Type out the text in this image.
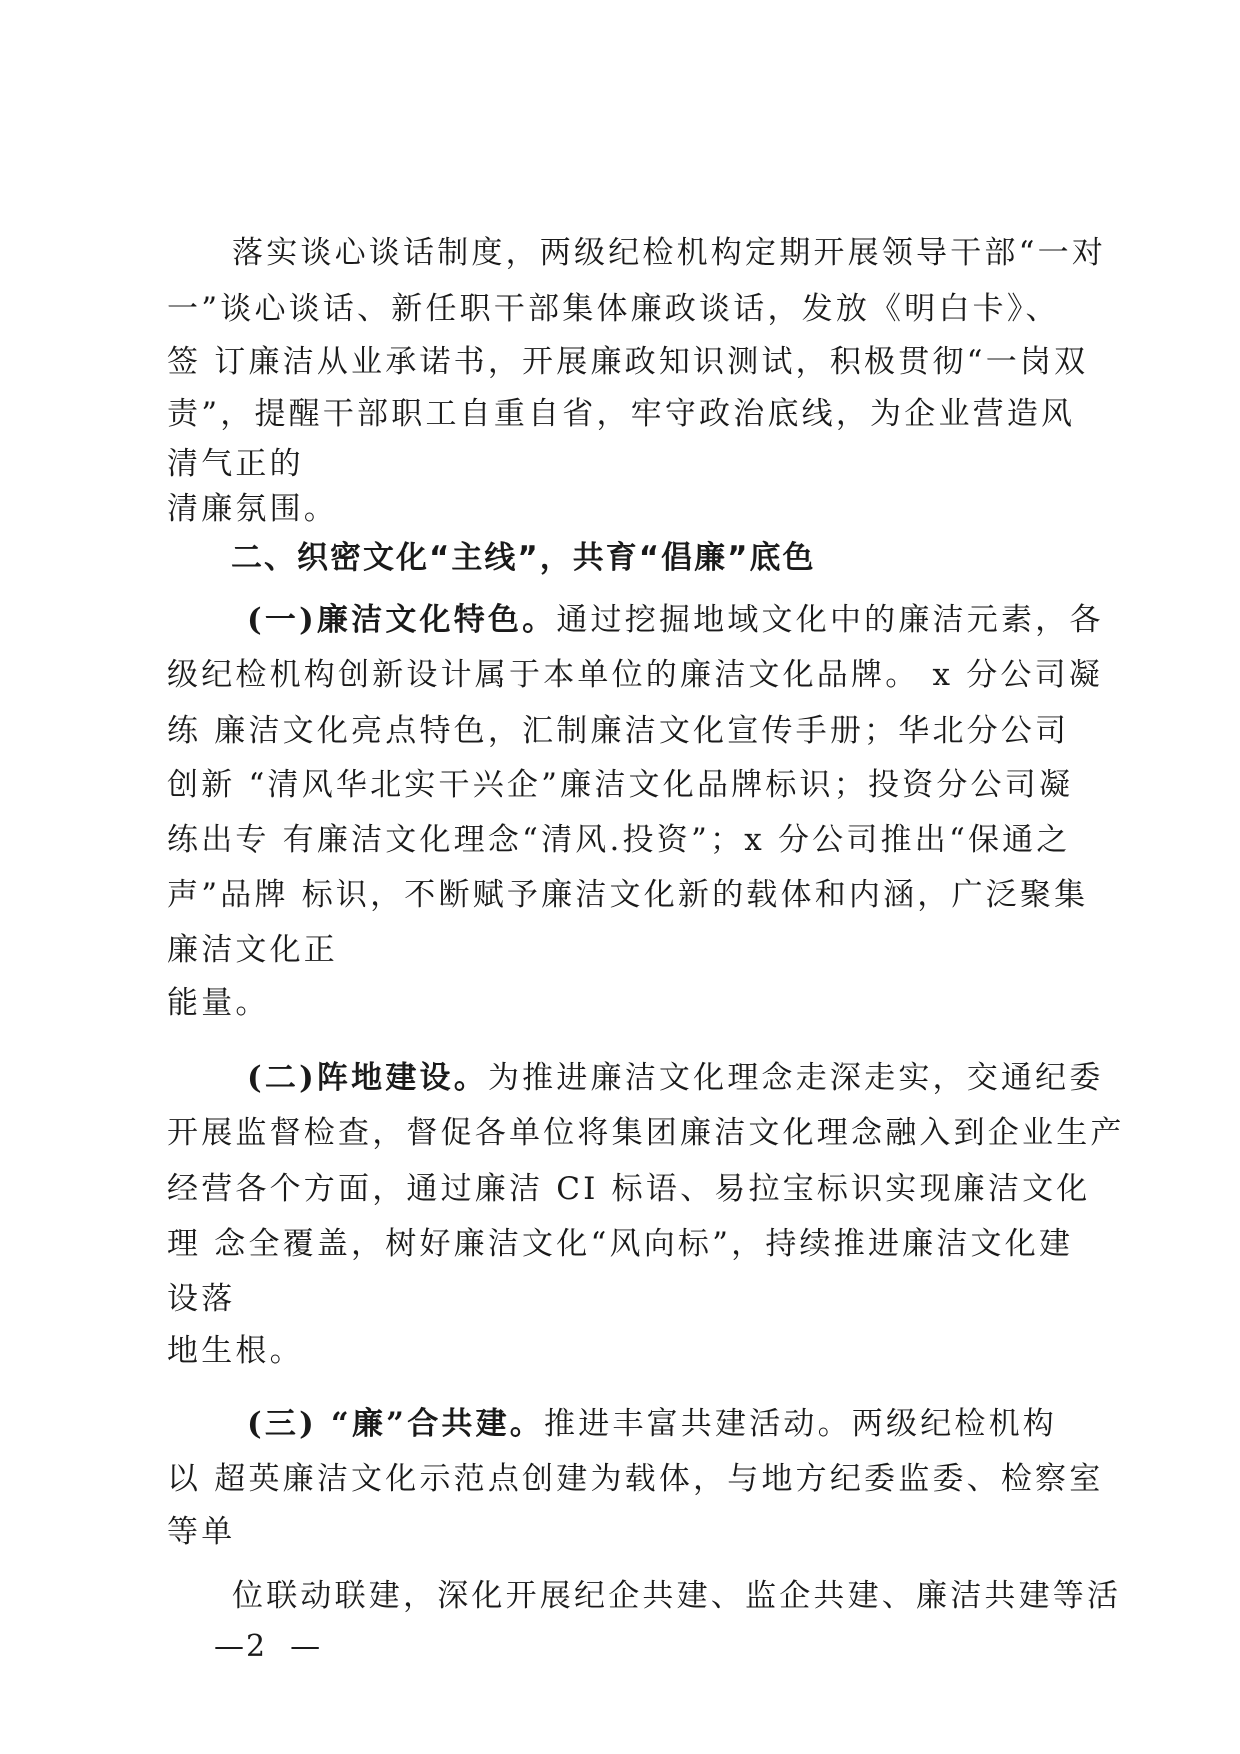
落实谈心谈话制度，两级纪检机构定期开展领导干部“一对
一”谈心谈话、新任职干部集体廉政谈话，发放《明白卡》、
签 订廉洁从业承诺书，开展廉政知识测试，积极贯彻“一岗双
责”，提醒干部职工自重自省，牢守政治底线，为企业营造风
清气正的
清廉氛围。
二、织密文化“主线”，共育“倡廉”底色
(一)廉洁文化特色。通过挖掘地域文化中的廉洁元素，各
级纪检机构创新设计属于本单位的廉洁文化品牌。 x 分公司凝
练 廉洁文化亮点特色，汇制廉洁文化宣传手册；华北分公司
创新 “清风华北实干兴企”廉洁文化品牌标识；投资分公司凝
练出专 有廉洁文化理念“清风.投资”；x 分公司推出“保通之
声”品牌 标识，不断赋予廉洁文化新的载体和内涵，广泛聚集
廉洁文化正
能量。
(二)阵地建设。为推进廉洁文化理念走深走实，交通纪委
开展监督检查，督促各单位将集团廉洁文化理念融入到企业生产
经营各个方面，通过廉洁 CI 标语、易拉宝标识实现廉洁文化
理 念全覆盖，树好廉洁文化“风向标”，持续推进廉洁文化建
设落
地生根。
(三) “廉”合共建。推进丰富共建活动。两级纪检机构
以 超英廉洁文化示范点创建为载体，与地方纪委监委、检察室
等单
位联动联建，深化开展纪企共建、监企共建、廉洁共建等活
—2  —
